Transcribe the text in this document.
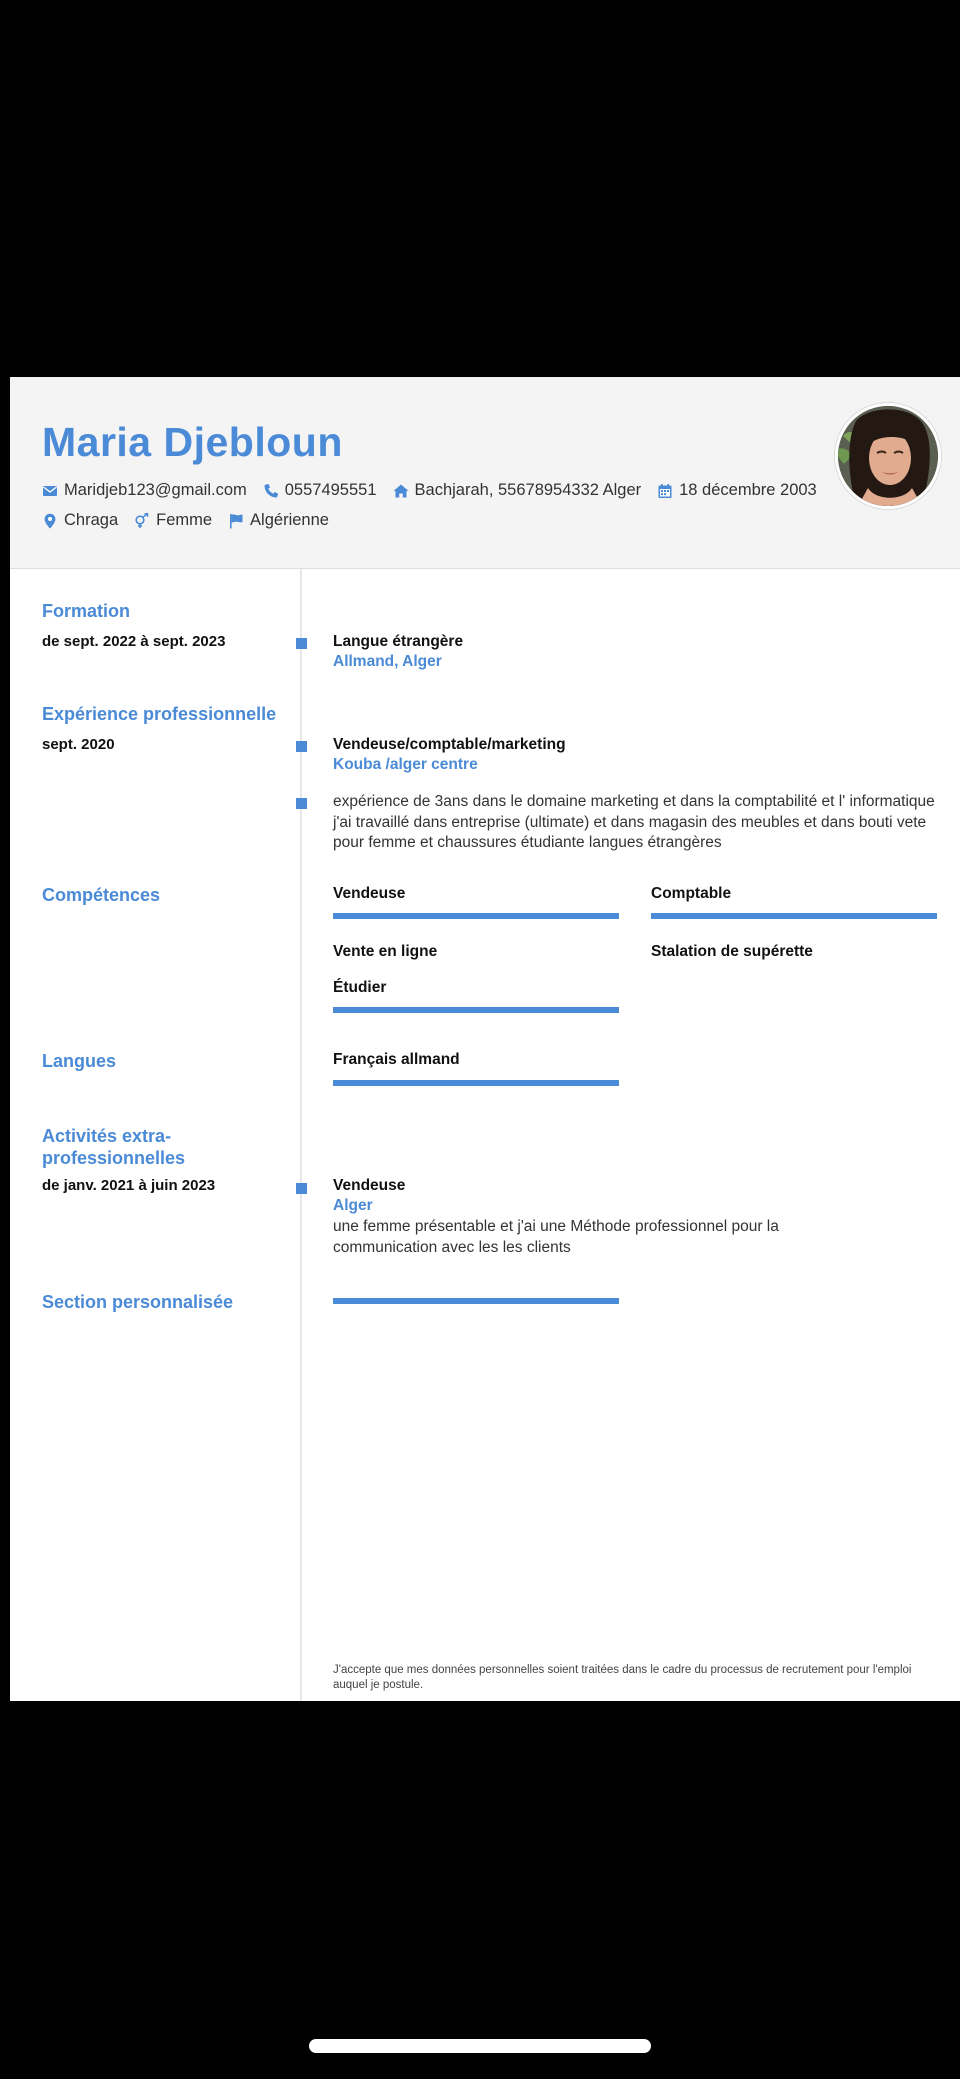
Maria Djebloun
Maridjeb123@gmail.com 0557495551 Bachjarah, 55678954332 Alger 18 décembre 2003
Chraga Femme Algérienne
Formation
de sept. 2022 à sept. 2023	Langue étrangère
Allmand, Alger
Expérience professionnelle
sept. 2020	Vendeuse/comptable/marketing
Kouba /alger centre
expérience de 3ans dans le domaine marketing et dans la comptabilité et l' informatique j'ai travaillé dans entreprise (ultimate) et dans magasin des meubles et dans bouti vete pour femme et chaussures étudiante langues étrangères
Compétences	Vendeuse	Comptable
Vente en ligne	Stalation de supérette
Étudier
Langues	Français allmand
Activités extra-professionnelles
de janv. 2021 à juin 2023	Vendeuse
Alger
une femme présentable et j'ai une Méthode professionnel pour la communication avec les les clients
Section personnalisée
J'accepte que mes données personnelles soient traitées dans le cadre du processus de recrutement pour l'emploi auquel je postule.
